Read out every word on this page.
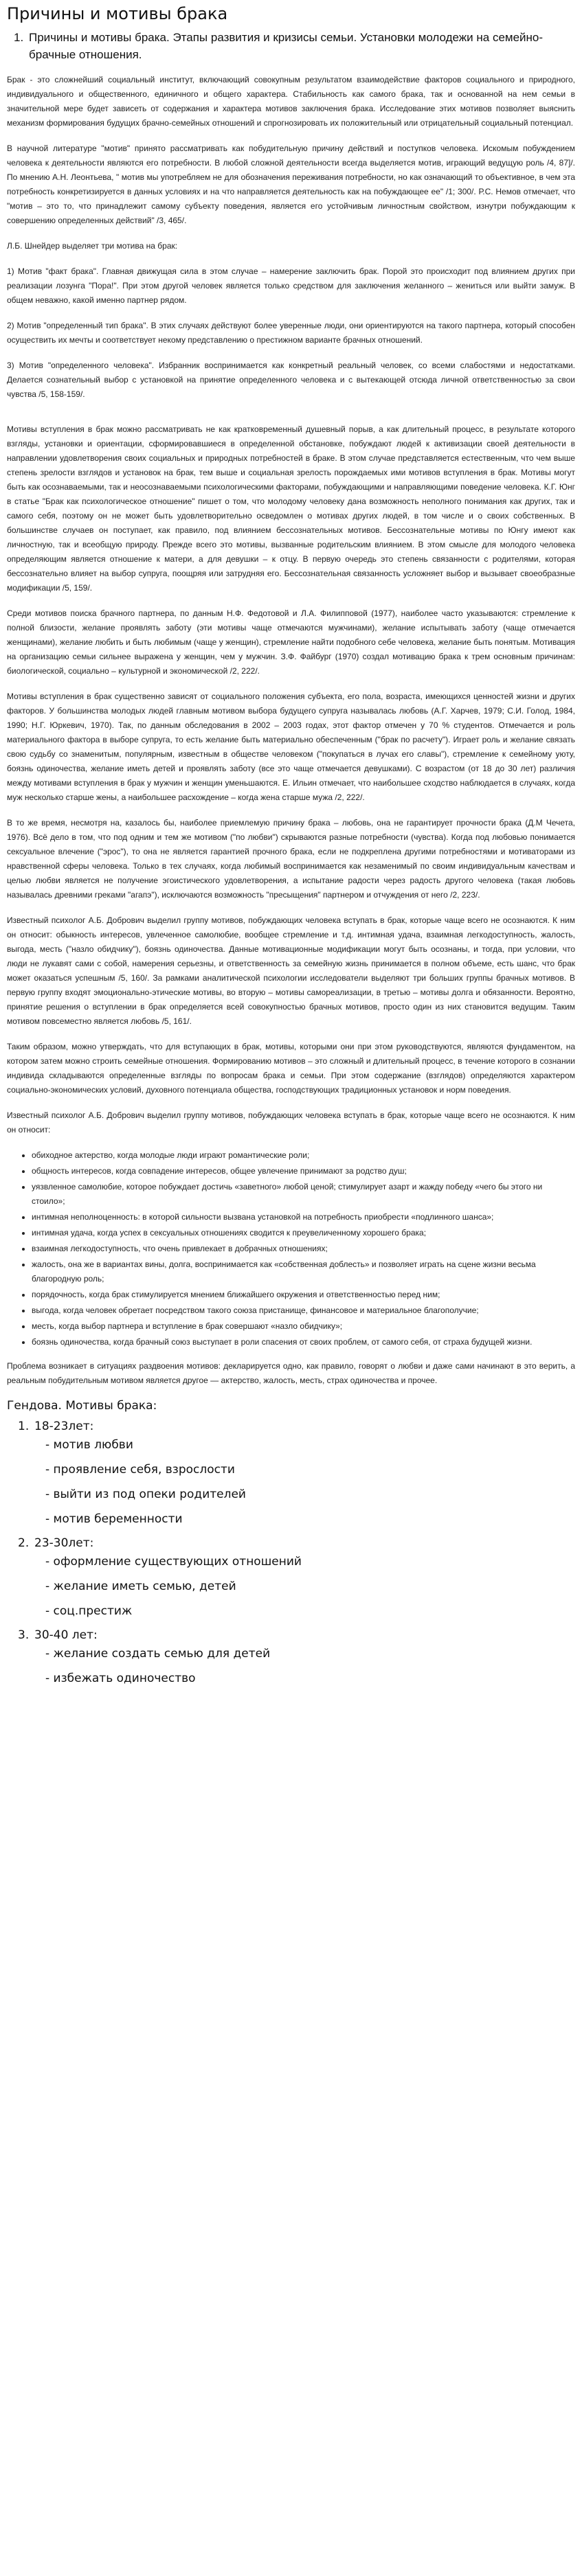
Причины и мотивы брака
1. Причины и мотивы брака. Этапы развития и кризисы семьи. Установки молодежи на семейно-брачные отношения.

Брак - это сложнейший социальный институт, включающий совокупным результатом взаимодействие факторов социального и природного, индивидуального и общественного, единичного и общего характера. Стабильность как самого брака, так и основанной на нем семьи в значительной мере будет зависеть от содержания и характера мотивов заключения брака. Исследование этих мотивов позволяет выяснить механизм формирования будущих брачно-семейных отношений и спрогнозировать их положительный или отрицательный социальный потенциал.

В научной литературе "мотив" принято рассматривать как побудительную причину действий и поступков человека. Искомым побуждением человека к деятельности являются его потребности. В любой сложной деятельности всегда выделяется мотив, играющий ведущую роль /4, 87]/. По мнению А.Н. Леонтьева, " мотив мы употребляем не для обозначения переживания потребности, но как означающий то объективное, в чем эта потребность конкретизируется в данных условиях и на что направляется деятельность как на побуждающее ее" /1; 300/. Р.С. Немов отмечает, что "мотив – это то, что принадлежит самому субъекту поведения, является его устойчивым личностным свойством, изнутри побуждающим к совершению определенных действий" /3, 465/.

Л.Б. Шнейдер выделяет три мотива на брак:

1) Мотив "факт брака". Главная движущая сила в этом случае – намерение заключить брак. Порой это происходит под влиянием других при реализации лозунга "Пора!". При этом другой человек является только средством для заключения желанного – жениться или выйти замуж. В общем неважно, какой именно партнер рядом.

2) Мотив "определенный тип брака". В этих случаях действуют более уверенные люди, они ориентируются на такого партнера, который способен осуществить их мечты и соответствует некому представлению о престижном варианте брачных отношений.

3) Мотив "определенного человека". Избранник воспринимается как конкретный реальный человек, со всеми слабостями и недостатками. Делается сознательный выбор с установкой на принятие определенного человека и с вытекающей отсюда личной ответственностью за свои чувства /5, 158-159/.

Мотивы вступления в брак можно рассматривать не как кратковременный душевный порыв, а как длительный процесс, в результате которого взгляды, установки и ориентации, сформировавшиеся в определенной обстановке, побуждают людей к активизации своей деятельности в направлении удовлетворения своих социальных и природных потребностей в браке. В этом случае представляется естественным, что чем выше степень зрелости взглядов и установок на брак, тем выше и социальная зрелость порождаемых ими мотивов вступления в брак. Мотивы могут быть как осознаваемыми, так и неосознаваемыми психологическими факторами, побуждающими и направляющими поведение человека. К.Г. Юнг в статье "Брак как психологическое отношение" пишет о том, что молодому человеку дана возможность неполного понимания как других, так и самого себя, поэтому он не может быть удовлетворительно осведомлен о мотивах других людей, в том числе и о своих собственных. В большинстве случаев он поступает, как правило, под влиянием бессознательных мотивов. Бессознательные мотивы по Юнгу имеют как личностную, так и всеобщую природу. Прежде всего это мотивы, вызванные родительским влиянием. В этом смысле для молодого человека определяющим является отношение к матери, а для девушки – к отцу. В первую очередь это степень связанности с родителями, которая бессознательно влияет на выбор супруга, поощряя или затрудняя его. Бессознательная связанность усложняет выбор и вызывает своеобразные модификации /5, 159/.

Среди мотивов поиска брачного партнера, по данным Н.Ф. Федотовой и Л.А. Филипповой (1977), наиболее часто указываются: стремление к полной близости, желание проявлять заботу (эти мотивы чаще отмечаются мужчинами), желание испытывать заботу (чаще отмечается женщинами), желание любить и быть любимым (чаще у женщин), стремление найти подобного себе человека, желание быть понятым. Мотивация на организацию семьи сильнее выражена у женщин, чем у мужчин. З.Ф. Файбург (1970) создал мотивацию брака к трем основным причинам: биологической, социально – культурной и экономической /2, 222/.

Мотивы вступления в брак существенно зависят от социального положения субъекта, его пола, возраста, имеющихся ценностей жизни и других факторов. У большинства молодых людей главным мотивом выбора будущего супруга называлась любовь (А.Г. Харчев, 1979; С.И. Голод, 1984, 1990; Н.Г. Юркевич, 1970). Так, по данным обследования в 2002 – 2003 годах, этот фактор отмечен у 70 % студентов. Отмечается и роль материального фактора в выборе супруга, то есть желание быть материально обеспеченным ("брак по расчету"). Играет роль и желание связать свою судьбу со знаменитым, популярным, известным в обществе человеком ("покупаться в лучах его славы"), стремление к семейному уюту, боязнь одиночества, желание иметь детей и проявлять заботу (все это чаще отмечается девушками). С возрастом (от 18 до 30 лет) различия между мотивами вступления в брак у мужчин и женщин уменьшаются. Е. Ильин отмечает, что наибольшее сходство наблюдается в случаях, когда муж несколько старше жены, а наибольшее расхождение – когда жена старше мужа /2, 222/.

В то же время, несмотря на, казалось бы, наиболее приемлемую причину брака – любовь, она не гарантирует прочности брака (Д.М Чечета, 1976). Всё дело в том, что под одним и тем же мотивом ("по любви") скрываются разные потребности (чувства). Когда под любовью понимается сексуальное влечение ("эрос"), то она не является гарантией прочного брака, если не подкреплена другими потребностями и мотиваторами из нравственной сферы человека. Только в тех случаях, когда любимый воспринимается как незаменимый по своим индивидуальным качествам и целью любви является не получение эгоистического удовлетворения, а испытание радости через радость другого человека (такая любовь называлась древними греками "агапэ"), исключаются возможность "пресыщения" партнером и отчуждения от него /2, 223/.

Известный психолог А.Б. Добрович выделил группу мотивов, побуждающих человека вступать в брак, которые чаще всего не осознаются. К ним он относит: обыкность интересов, увлеченное самолюбие, вообщее стремление и т.д. интимная удача, взаимная легкодоступность, жалость, выгода, месть ("назло обидчику"), боязнь одиночества. Данные мотивационные модификации могут быть осознаны, и тогда, при условии, что люди не лукавят сами с собой, намерения серьезны, и ответственность за семейную жизнь принимается в полном объеме, есть шанс, что брак может оказаться успешным /5, 160/. За рамками аналитической психологии исследователи выделяют три больших группы брачных мотивов. В первую группу входят эмоционально-этические мотивы, во вторую – мотивы самореализации, в третью – мотивы долга и обязанности. Вероятно, принятие решения о вступлении в брак определяется всей совокупностью брачных мотивов, просто один из них становится ведущим. Таким мотивом повсеместно является любовь /5, 161/.

Таким образом, можно утверждать, что для вступающих в брак, мотивы, которыми они при этом руководствуются, являются фундаментом, на котором затем можно строить семейные отношения. Формированию мотивов – это сложный и длительный процесс, в течение которого в сознании индивида складываются определенные взгляды по вопросам брака и семьи. При этом содержание (взглядов) определяются характером социально-экономических условий, духовного потенциала общества, господствующих традиционных установок и норм поведения.

Известный психолог А.Б. Добрович выделил группу мотивов, побуждающих человека вступать в брак, которые чаще всего не осознаются. К ним он относит:

• обиходное актерство, когда молодые люди играют романтические роли;
• общность интересов, когда совпадение интересов, общее увлечение принимают за родство душ;
• уязвленное самолюбие, которое побуждает достичь «заветного» любой ценой; стимулирует азарт и жажду победу «чего бы этого ни стоило»;
• интимная неполноценность: в которой сильности вызвана установкой на потребность приобрести «подлинного шанса»;
• интимная удача, когда успех в сексуальных отношениях сводится к преувеличенному хорошего брака;
• взаимная легкодоступность, что очень привлекает в добрачных отношениях;
• жалость, она же в вариантах вины, долга, воспринимается как «собственная доблесть» и позволяет играть на сцене жизни весьма благородную роль;
• порядочность, когда брак стимулируется мнением ближайшего окружения и ответственностью перед ним;
• выгода, когда человек обретает посредством такого союза пристанище, финансовое и материальное благополучие;
• месть, когда выбор партнера и вступление в брак совершают «назло обидчику»;
• боязнь одиночества, когда брачный союз выступает в роли спасения от своих проблем, от самого себя, от страха будущей жизни.

Проблема возникает в ситуациях раздвоения мотивов: декларируется одно, как правило, говорят о любви и даже сами начинают в это верить, а реальным побудительным мотивом является другое — актерство, жалость, месть, страх одиночества и прочее.

Гендова. Мотивы брака:
1. 18-23лет:
- мотив любви
- проявление себя, взрослости
- выйти из под опеки родителей
- мотив беременности
2. 23-30лет:
- оформление существующих отношений
- желание иметь семью, детей
- соц.престиж
3. 30-40 лет:
- желание создать семью для детей
- избежать одиночество
